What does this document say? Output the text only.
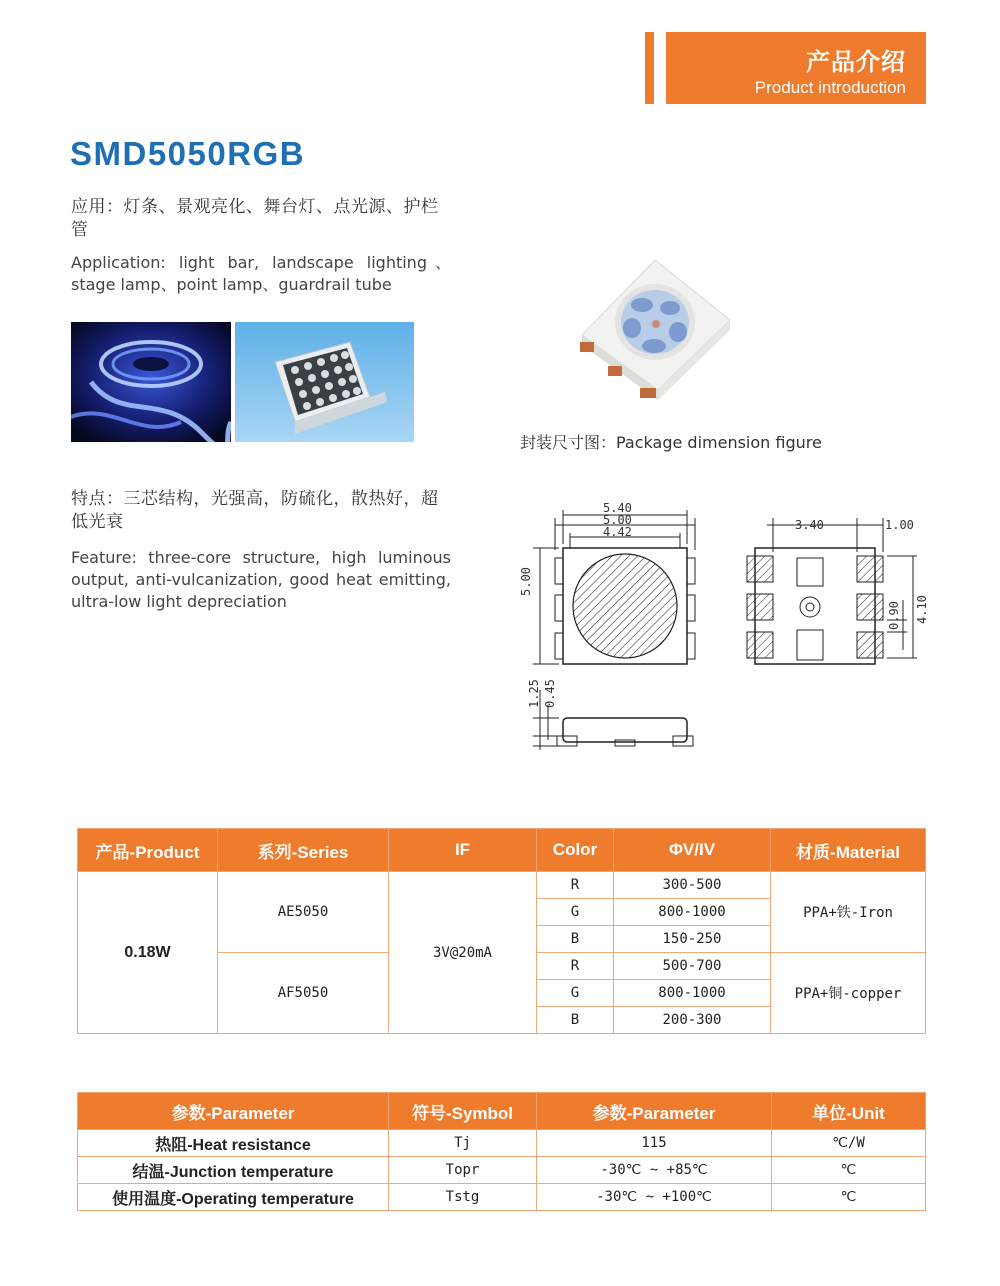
产品介绍
Product introduction
SMD5050RGB
应用：灯条、景观亮化、舞台灯、点光源、护栏管
Application: light bar, landscape lighting、 stage lamp、point lamp、guardrail tube
封装尺寸图：Package dimension figure
特点：三芯结构，光强高，防硫化，散热好，超低光衰
Feature: three-core structure, high luminous output, anti-vulcanization, good heat emitting, ultra-low light depreciation
5.40
5.00
4.42
5.00
1.25 0.45
3.40	1.00
0.90 4.10
产品-Product	系列-Series	IF	Color	ΦV/IV	材质-Material
0.18W	AE5050	3V@20mA	R	300-500	PPA+铁-Iron
			G	800-1000	
			B	150-250	
	AF5050		R	500-700	PPA+铜-copper
			G	800-1000	
			B	200-300	
参数-Parameter	符号-Symbol	参数-Parameter	单位-Unit
热阻-Heat resistance	Tj	115	℃/W
结温-Junction temperature	Topr	-30℃ ~ +85℃	℃
使用温度-Operating temperature	Tstg	-30℃ ~ +100℃	℃
